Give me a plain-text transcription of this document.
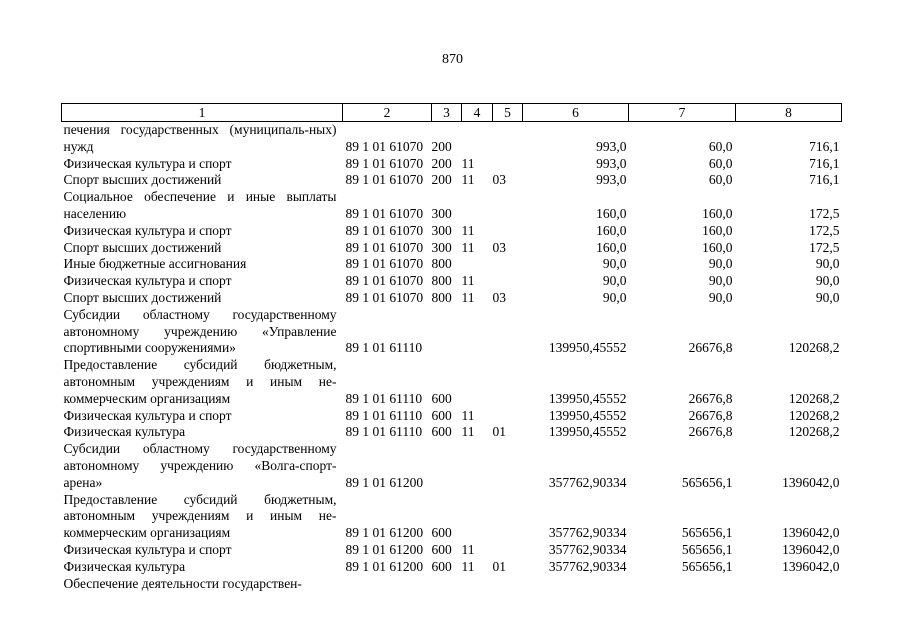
870
1	2	3	4	5	6	7	8
печения государственных (муниципаль-ных) нужд	89 1 01 61070	200			993,0	60,0	716,1
Физическая культура и спорт	89 1 01 61070	200	11		993,0	60,0	716,1
Спорт высших достижений	89 1 01 61070	200	11	03	993,0	60,0	716,1
Социальное обеспечение и иные выплаты населению	89 1 01 61070	300			160,0	160,0	172,5
Физическая культура и спорт	89 1 01 61070	300	11		160,0	160,0	172,5
Спорт высших достижений	89 1 01 61070	300	11	03	160,0	160,0	172,5
Иные бюджетные ассигнования	89 1 01 61070	800			90,0	90,0	90,0
Физическая культура и спорт	89 1 01 61070	800	11		90,0	90,0	90,0
Спорт высших достижений	89 1 01 61070	800	11	03	90,0	90,0	90,0
Субсидии областному государственному автономному учреждению «Управление спортивными сооружениями»	89 1 01 61110				139950,45552	26676,8	120268,2
Предоставление субсидий бюджетным, автономным учреждениям и иным не-коммерческим организациям	89 1 01 61110	600			139950,45552	26676,8	120268,2
Физическая культура и спорт	89 1 01 61110	600	11		139950,45552	26676,8	120268,2
Физическая культура	89 1 01 61110	600	11	01	139950,45552	26676,8	120268,2
Субсидии областному государственному автономному учреждению «Волга-спорт-арена»	89 1 01 61200				357762,90334	565656,1	1396042,0
Предоставление субсидий бюджетным, автономным учреждениям и иным не-коммерческим организациям	89 1 01 61200	600			357762,90334	565656,1	1396042,0
Физическая культура и спорт	89 1 01 61200	600	11		357762,90334	565656,1	1396042,0
Физическая культура	89 1 01 61200	600	11	01	357762,90334	565656,1	1396042,0
Обеспечение деятельности государствен-							
